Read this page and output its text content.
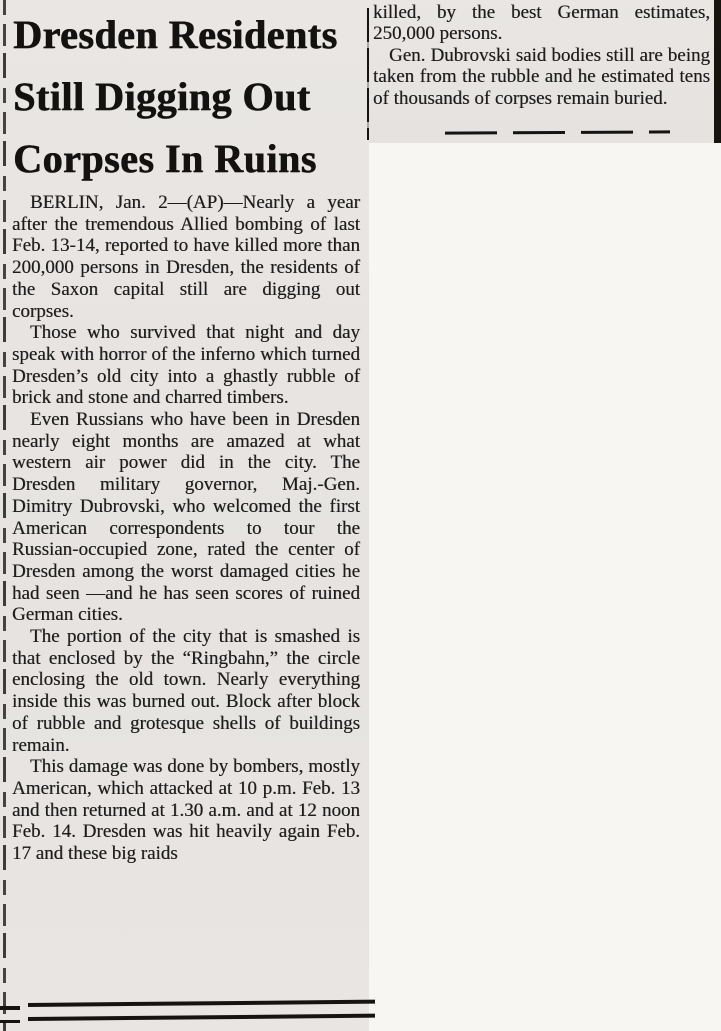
Dresden Residents
Still Digging Out
Corpses In Ruins

BERLIN, Jan. 2—(AP)—Nearly a year after the tremendous Allied bombing of last Feb. 13-14, reported to have killed more than 200,000 persons in Dresden, the residents of the Saxon capital still are digging out corpses.

Those who survived that night and day speak with horror of the inferno which turned Dresden’s old city into a ghastly rubble of brick and stone and charred timbers.

Even Russians who have been in Dresden nearly eight months are amazed at what western air power did in the city. The Dresden military governor, Maj.-Gen. Dimitry Dubrovski, who welcomed the first American correspondents to tour the Russian-occupied zone, rated the center of Dresden among the worst damaged cities he had seen —and he has seen scores of ruined German cities.

The portion of the city that is smashed is that enclosed by the “Ringbahn,” the circle enclosing the old town. Nearly everything inside this was burned out. Block after block of rubble and grotesque shells of buildings remain.

This damage was done by bombers, mostly American, which attacked at 10 p.m. Feb. 13 and then returned at 1.30 a.m. and at 12 noon Feb. 14. Dresden was hit heavily again Feb. 17 and these big raids

killed, by the best German estimates, 250,000 persons.

Gen. Dubrovski said bodies still are being taken from the rubble and he estimated tens of thousands of corpses remain buried.
